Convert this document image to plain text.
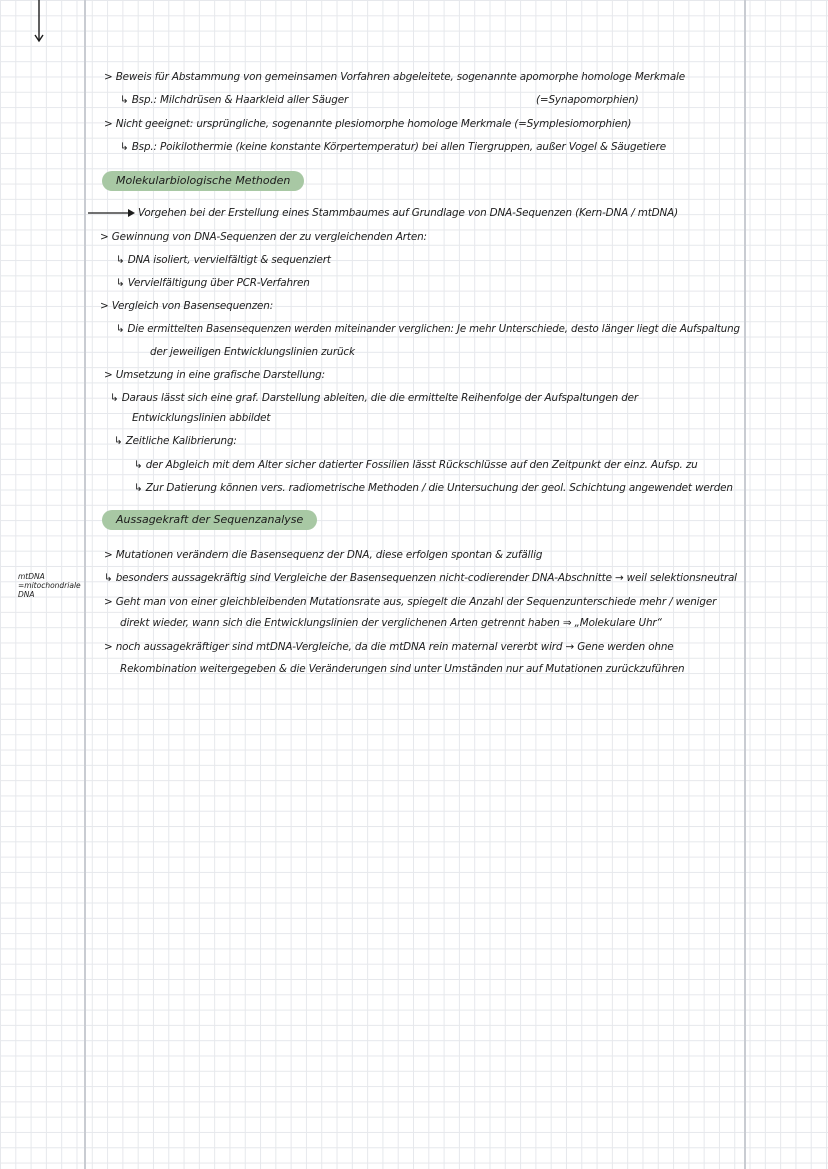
mtDNA
=mitochondriale
DNA
> Beweis für Abstammung von gemeinsamen Vorfahren abgeleitete, sogenannte apomorphe homologe Merkmale
↳ Bsp.: Milchdrüsen & Haarkleid aller Säuger	(=Synapomorphien)
> Nicht geeignet: ursprüngliche, sogenannte plesiomorphe homologe Merkmale (=Symplesiomorphien)
↳ Bsp.: Poikilothermie (keine konstante Körpertemperatur) bei allen Tiergruppen, außer Vogel & Säugetiere
Molekularbiologische Methoden
Vorgehen bei der Erstellung eines Stammbaumes auf Grundlage von DNA-Sequenzen (Kern-DNA / mtDNA)
> Gewinnung von DNA-Sequenzen der zu vergleichenden Arten:
↳ DNA isoliert, vervielfältigt & sequenziert
↳ Vervielfältigung über PCR-Verfahren
> Vergleich von Basensequenzen:
↳ Die ermittelten Basensequenzen werden miteinander verglichen: Je mehr Unterschiede, desto länger liegt die Aufspaltung
der jeweiligen Entwicklungslinien zurück
> Umsetzung in eine grafische Darstellung:
↳ Daraus lässt sich eine graf. Darstellung ableiten, die die ermittelte Reihenfolge der Aufspaltungen der
Entwicklungslinien abbildet
↳ Zeitliche Kalibrierung:
↳ der Abgleich mit dem Alter sicher datierter Fossilien lässt Rückschlüsse auf den Zeitpunkt der einz. Aufsp. zu
↳ Zur Datierung können vers. radiometrische Methoden / die Untersuchung der geol. Schichtung angewendet werden
Aussagekraft der Sequenzanalyse
> Mutationen verändern die Basensequenz der DNA, diese erfolgen spontan & zufällig
↳ besonders aussagekräftig sind Vergleiche der Basensequenzen nicht-codierender DNA-Abschnitte → weil selektionsneutral
> Geht man von einer gleichbleibenden Mutationsrate aus, spiegelt die Anzahl der Sequenzunterschiede mehr / weniger
direkt wieder, wann sich die Entwicklungslinien der verglichenen Arten getrennt haben ⇒ „Molekulare Uhr“
> noch aussagekräftiger sind mtDNA-Vergleiche, da die mtDNA rein maternal vererbt wird → Gene werden ohne
Rekombination weitergegeben & die Veränderungen sind unter Umständen nur auf Mutationen zurückzuführen
